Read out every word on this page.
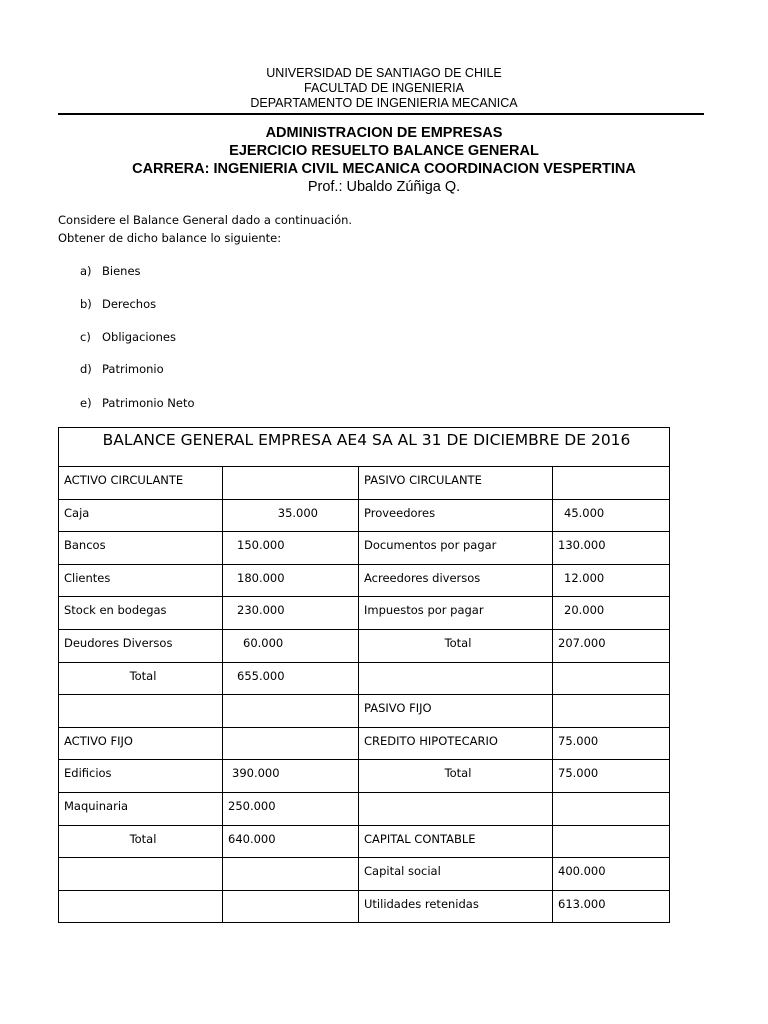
UNIVERSIDAD DE SANTIAGO DE CHILE
FACULTAD DE INGENIERIA
DEPARTAMENTO DE INGENIERIA MECANICA
ADMINISTRACION DE EMPRESAS
EJERCICIO RESUELTO BALANCE GENERAL
CARRERA: INGENIERIA CIVIL MECANICA COORDINACION VESPERTINA
Prof.: Ubaldo Zúñiga Q.
Considere el Balance General dado a continuación.
Obtener de dicho balance lo siguiente:
a) Bienes
b) Derechos
c) Obligaciones
d) Patrimonio
e) Patrimonio Neto
BALANCE GENERAL EMPRESA AE4 SA AL 31 DE DICIEMBRE DE 2016			
ACTIVO CIRCULANTE		PASIVO CIRCULANTE	
Caja	35.000	Proveedores	45.000
Bancos	150.000	Documentos por pagar	130.000
Clientes	180.000	Acreedores diversos	12.000
Stock en bodegas	230.000	Impuestos por pagar	20.000
Deudores Diversos	60.000	Total	207.000
Total	655.000		
		PASIVO FIJO	
ACTIVO FIJO		CREDITO HIPOTECARIO	75.000
Edificios	390.000	Total	75.000
Maquinaria	250.000		
Total	640.000	CAPITAL CONTABLE	
		Capital social	400.000
		Utilidades retenidas	613.000
